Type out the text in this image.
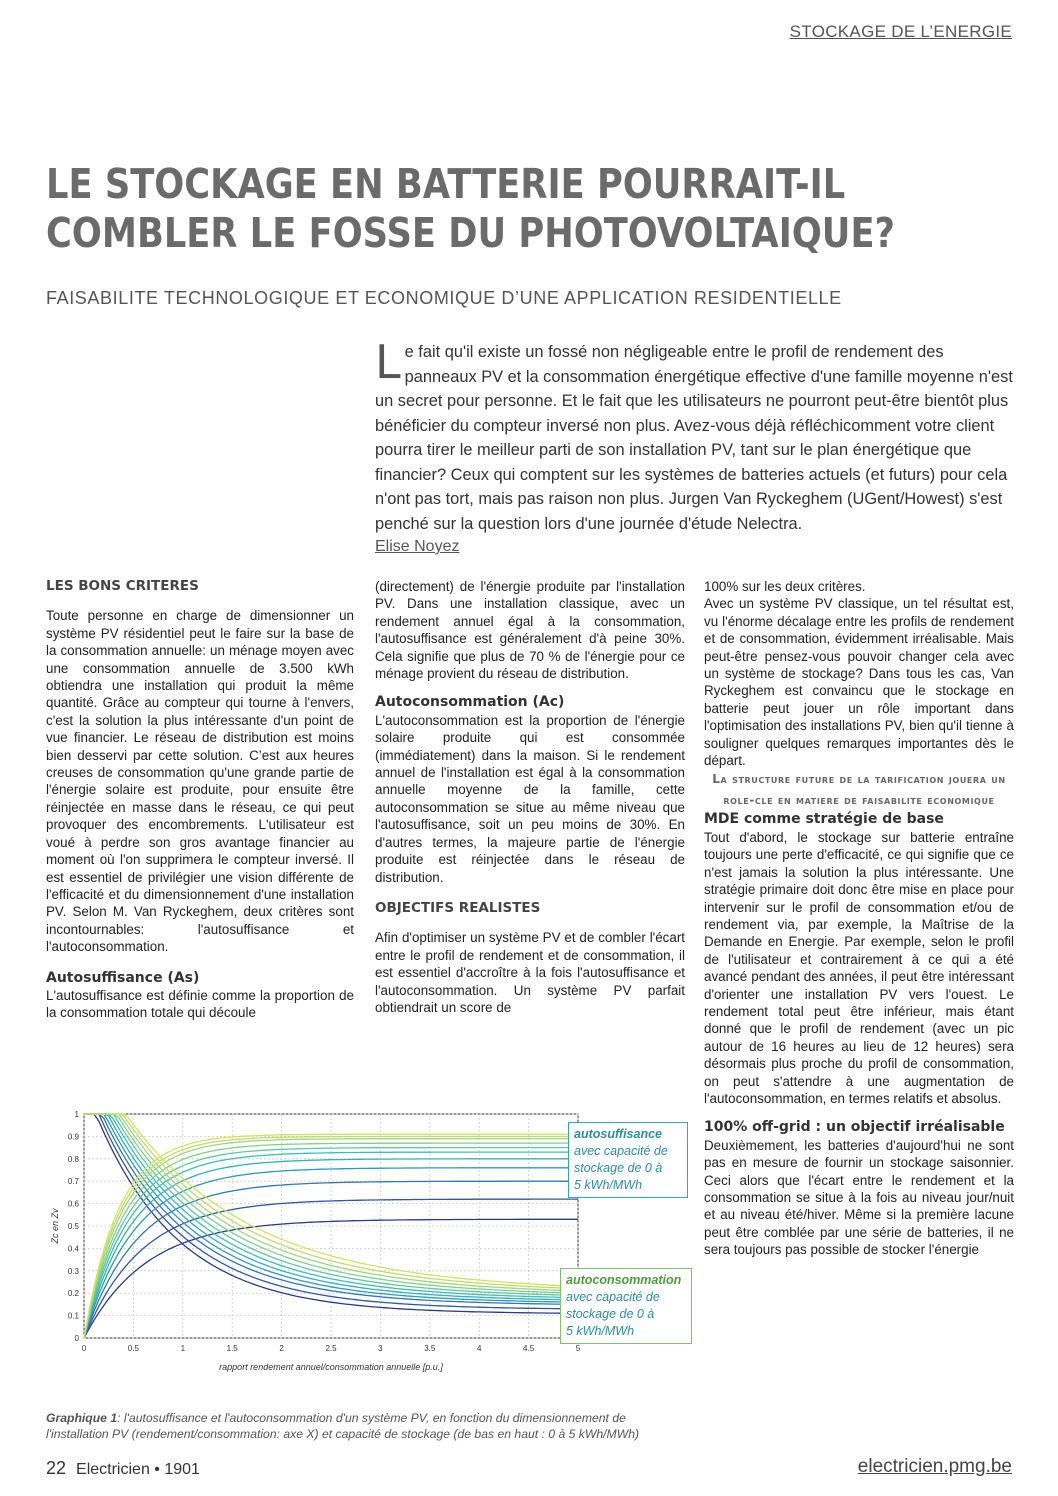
STOCKAGE DE L’ENERGIE
LE STOCKAGE EN BATTERIE POURRAIT-IL
COMBLER LE FOSSE DU PHOTOVOLTAIQUE?
FAISABILITE TECHNOLOGIQUE ET ECONOMIQUE D’UNE APPLICATION RESIDENTIELLE
Le fait qu'il existe un fossé non négligeable entre le profil de rendement des panneaux PV et la consommation énergétique effective d'une famille moyenne n'est un secret pour personne. Et le fait que les utilisateurs ne pourront peut-être bientôt plus bénéficier du compteur inversé non plus. Avez-vous déjà réfléchicomment votre client pourra tirer le meilleur parti de son installation PV, tant sur le plan énergétique que financier? Ceux qui comptent sur les systèmes de batteries actuels (et futurs) pour cela n'ont pas tort, mais pas raison non plus. Jurgen Van Ryckeghem (UGent/Howest) s'est penché sur la question lors d'une journée d'étude Nelectra.
Elise Noyez

LES BONS CRITERES

Toute personne en charge de dimensionner un système PV résidentiel peut le faire sur la base de la consommation annuelle: un ménage moyen avec une consommation annuelle de 3.500 kWh obtiendra une installation qui produit la même quantité. Grâce au compteur qui tourne à l'envers, c'est la solution la plus intéressante d'un point de vue financier. Le réseau de distribution est moins bien desservi par cette solution. C’est aux heures creuses de consommation qu'une grande partie de l'énergie solaire est produite, pour ensuite être réinjectée en masse dans le réseau, ce qui peut provoquer des encombrements. L'utilisateur est voué à perdre son gros avantage financier au moment où l'on supprimera le compteur inversé. Il est essentiel de privilégier une vision différente de l'efficacité et du dimensionnement d'une installation PV. Selon M. Van Ryckeghem, deux critères sont incontournables: l'autosuffisance et l'autoconsommation.

Autosuffisance (As)

L'autosuffisance est définie comme la proportion de la consommation totale qui découle

(directement) de l'énergie produite par l'installation PV. Dans une installation classique, avec un rendement annuel égal à la consommation, l'autosuffisance est généralement d'à peine 30%. Cela signifie que plus de 70 % de l'énergie pour ce ménage provient du réseau de distribution.

Autoconsommation (Ac)

L'autoconsommation est la proportion de l'énergie solaire produite qui est consommée (immédiatement) dans la maison. Si le rendement annuel de l'installation est égal à la consommation annuelle moyenne de la famille, cette autoconsommation se situe au même niveau que l'autosuffisance, soit un peu moins de 30%. En d'autres termes, la majeure partie de l'énergie produite est réinjectée dans le réseau de distribution.

OBJECTIFS REALISTES

Afin d'optimiser un système PV et de combler l'écart entre le profil de rendement et de consommation, il est essentiel d'accroître à la fois l'autosuffisance et l'autoconsommation. Un système PV parfait obtiendrait un score de

100% sur les deux critères.

Avec un système PV classique, un tel résultat est, vu l'énorme décalage entre les profils de rendement et de consommation, évidemment irréalisable. Mais peut-être pensez-vous pouvoir changer cela avec un système de stockage? Dans tous les cas, Van Ryckeghem est convaincu que le stockage en batterie peut jouer un rôle important dans l'optimisation des installations PV, bien qu'il tienne à souligner quelques remarques importantes dès le départ.

La structure future de la tarification jouera un role-cle en matiere de faisabilite economique

MDE comme stratégie de base

Tout d'abord, le stockage sur batterie entraîne toujours une perte d'efficacité, ce qui signifie que ce n'est jamais la solution la plus intéressante. Une stratégie primaire doit donc être mise en place pour intervenir sur le profil de consommation et/ou de rendement via, par exemple, la Maîtrise de la Demande en Energie. Par exemple, selon le profil de l'utilisateur et contrairement à ce qui a été avancé pendant des années, il peut être intéressant d'orienter une installation PV vers l'ouest. Le rendement total peut être inférieur, mais étant donné que le profil de rendement (avec un pic autour de 16 heures au lieu de 12 heures) sera désormais plus proche du profil de consommation, on peut s'attendre à une augmentation de l'autoconsommation, en termes relatifs et absolus.

100% off-grid : un objectif irréalisable

Deuxièmement, les batteries d'aujourd'hui ne sont pas en mesure de fournir un stockage saisonnier. Ceci alors que l'écart entre le rendement et la consommation se situe à la fois au niveau jour/nuit et au niveau été/hiver. Même si la première lacune peut être comblée par une série de batteries, il ne sera toujours pas possible de stocker l'énergie

0	0.5	1	1.5	2	2.5	3	3.5	4	4.5	5
0
0.1
0.2
0.3
0.4
0.5
0.6
0.7
0.8
0.9
1
rapport rendement annuel/consommation annuelle [p.u.]
Zc en Zv
autosuffisance
avec capacité de
stockage de 0 à
5 kWh/MWh
autoconsommation
avec capacité de
stockage de 0 à
5 kWh/MWh
Graphique 1: l'autosuffisance et l'autoconsommation d'un système PV, en fonction du dimensionnement de l'installation PV (rendement/consommation: axe X) et capacité de stockage (de bas en haut : 0 à 5 kWh/MWh)
22 Electricien • 1901	electricien.pmg.be
